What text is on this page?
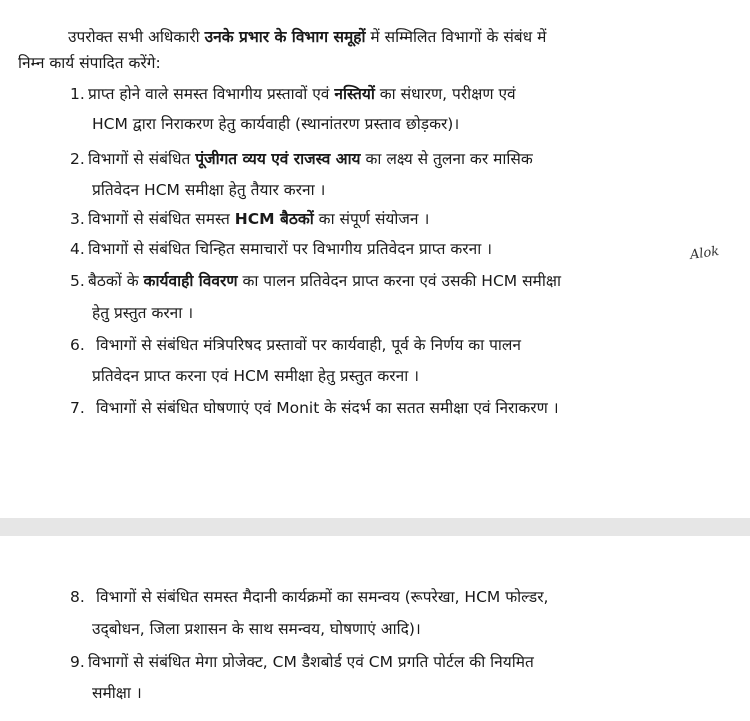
उपरोक्त सभी अधिकारी उनके प्रभार के विभाग समूहों में सम्मिलित विभागों के संबंध में
निम्न कार्य संपादित करेंगे:
1. प्राप्त होने वाले समस्त विभागीय प्रस्तावों एवं नस्तियों का संधारण, परीक्षण एवं
HCM द्वारा निराकरण हेतु कार्यवाही (स्थानांतरण प्रस्ताव छोड़कर)।
2. विभागों से संबंधित पूंजीगत व्यय एवं राजस्व आय का लक्ष्य से तुलना कर मासिक
प्रतिवेदन HCM समीक्षा हेतु तैयार करना ।
3. विभागों से संबंधित समस्त HCM बैठकों का संपूर्ण संयोजन ।
4. विभागों से संबंधित चिन्हित समाचारों पर विभागीय प्रतिवेदन प्राप्त करना ।
5. बैठकों के कार्यवाही विवरण का पालन प्रतिवेदन प्राप्त करना एवं उसकी HCM समीक्षा
हेतु प्रस्तुत करना ।
6. विभागों से संबंधित मंत्रिपरिषद प्रस्तावों पर कार्यवाही, पूर्व के निर्णय का पालन
प्रतिवेदन प्राप्त करना एवं HCM समीक्षा हेतु प्रस्तुत करना ।
7. विभागों से संबंधित घोषणाएं एवं Monit के संदर्भ का सतत समीक्षा एवं निराकरण ।
Alok
8. विभागों से संबंधित समस्त मैदानी कार्यक्रमों का समन्वय (रूपरेखा, HCM फोल्डर,
उद्‌बोधन, जिला प्रशासन के साथ समन्वय, घोषणाएं आदि)।
9. विभागों से संबंधित मेगा प्रोजेक्ट, CM डैशबोर्ड एवं CM प्रगति पोर्टल की नियमित
समीक्षा ।
